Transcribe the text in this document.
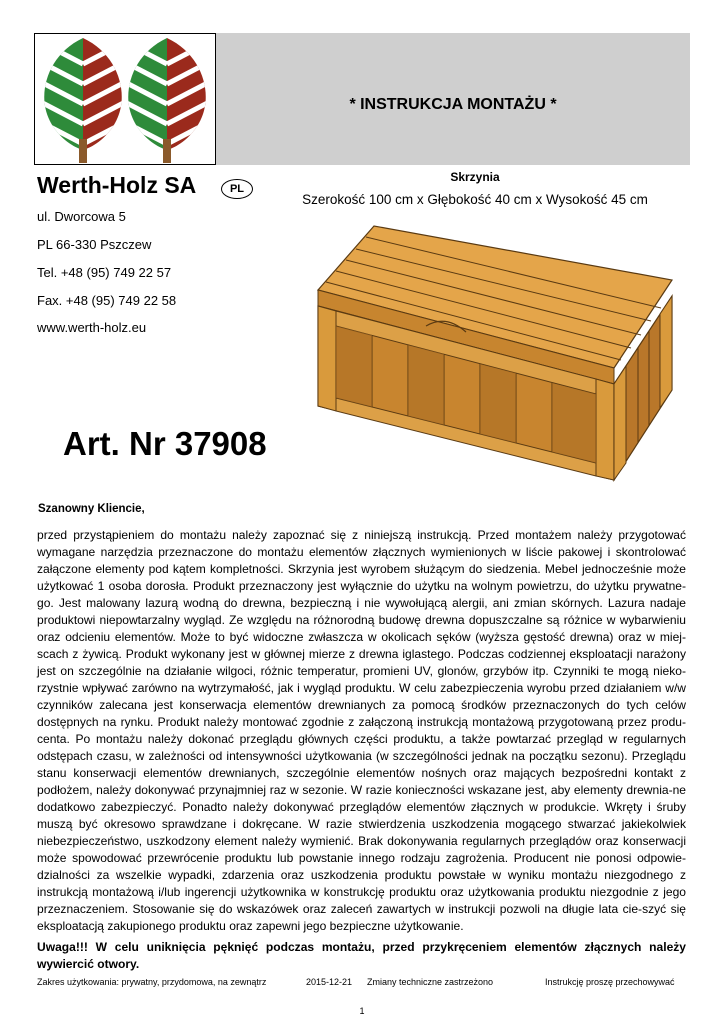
* INSTRUKCJA MONTAŻU *
Werth-Holz SA	PL
ul. Dworcowa 5
PL 66-330 Pszczew
Tel. +48 (95) 749 22 57
Fax. +48 (95) 749 22 58
www.werth-holz.eu
Skrzynia
Szerokość 100 cm x Głębokość 40 cm x Wysokość 45 cm
Art. Nr 37908
Szanowny Kliencie,
przed przystąpieniem do montażu należy zapoznać się z niniejszą instrukcją. Przed montażem należy przygotować wymagane narzędzia przeznaczone do montażu elementów złącznych wymienionych w liście pakowej i skontrolować załączone elementy pod kątem kompletności. Skrzynia jest wyrobem służącym do siedzenia. Mebel jednocześnie może użytkować 1 osoba dorosła. Produkt przeznaczony jest wyłącznie do użytku na wolnym powietrzu, do użytku prywatne-go. Jest malowany lazurą wodną do drewna, bezpieczną i nie wywołującą alergii, ani zmian skórnych. Lazura nadaje produktowi niepowtarzalny wygląd. Ze względu na różnorodną budowę drewna dopuszczalne są różnice w wybarwieniu oraz odcieniu elementów. Może to być widoczne zwłaszcza w okolicach sęków (wyższa gęstość drewna) oraz w miej-scach z żywicą. Produkt wykonany jest w głównej mierze z drewna iglastego. Podczas codziennej eksploatacji narażony jest on szczególnie na działanie wilgoci, różnic temperatur, promieni UV, glonów, grzybów itp. Czynniki te mogą nieko-rzystnie wpływać zarówno na wytrzymałość, jak i wygląd produktu. W celu zabezpieczenia wyrobu przed działaniem w/w czynników zalecana jest konserwacja elementów drewnianych za pomocą środków przeznaczonych do tych celów dostępnych na rynku. Produkt należy montować zgodnie z załączoną instrukcją montażową przygotowaną przez produ-centa. Po montażu należy dokonać przeglądu głównych części produktu, a także powtarzać przegląd w regularnych odstępach czasu, w zależności od intensywności użytkowania (w szczególności jednak na początku sezonu). Przeglądu stanu konserwacji elementów drewnianych, szczególnie elementów nośnych oraz mających bezpośredni kontakt z podłożem, należy dokonywać przynajmniej raz w sezonie. W razie konieczności wskazane jest, aby elementy drewnia-ne dodatkowo zabezpieczyć. Ponadto należy dokonywać przeglądów elementów złącznych w produkcie. Wkręty i śruby muszą być okresowo sprawdzane i dokręcane. W razie stwierdzenia uszkodzenia mogącego stwarzać jakiekolwiek niebezpieczeństwo, uszkodzony element należy wymienić. Brak dokonywania regularnych przeglądów oraz konserwacji może spowodować przewrócenie produktu lub powstanie innego rodzaju zagrożenia. Producent nie ponosi odpowie-dzialności za wszelkie wypadki, zdarzenia oraz uszkodzenia produktu powstałe w wyniku montażu niezgodnego z instrukcją montażową i/lub ingerencji użytkownika w konstrukcję produktu oraz użytkowania produktu niezgodnie z jego przeznaczeniem. Stosowanie się do wskazówek oraz zaleceń zawartych w instrukcji pozwoli na długie lata cie-szyć się eksploatacją zakupionego produktu oraz zapewni jego bezpieczne użytkowanie.
Uwaga!!! W celu uniknięcia pęknięć podczas montażu, przed przykręceniem elementów złącznych należy wywiercić otwory.
Zakres użytkowania: prywatny, przydomowa, na zewnątrz	2015-12-21 Zmiany techniczne zastrzeżono	Instrukcję proszę przechowywać
1
